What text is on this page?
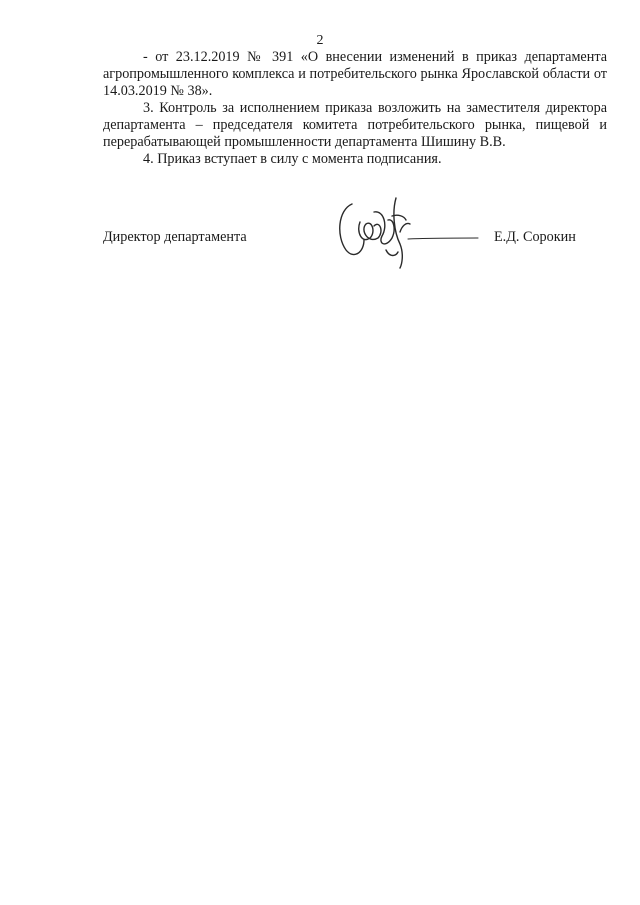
2

- от 23.12.2019 № 391 «О внесении изменений в приказ департамента агропромышленного комплекса и потребительского рынка Ярославской области от 14.03.2019 № 38».

3. Контроль за исполнением приказа возложить на заместителя директора департамента – председателя комитета потребительского рынка, пищевой и перерабатывающей промышленности департамента Шишину В.В.

4. Приказ вступает в силу с момента подписания.

Директор департамента	Е.Д. Сорокин
